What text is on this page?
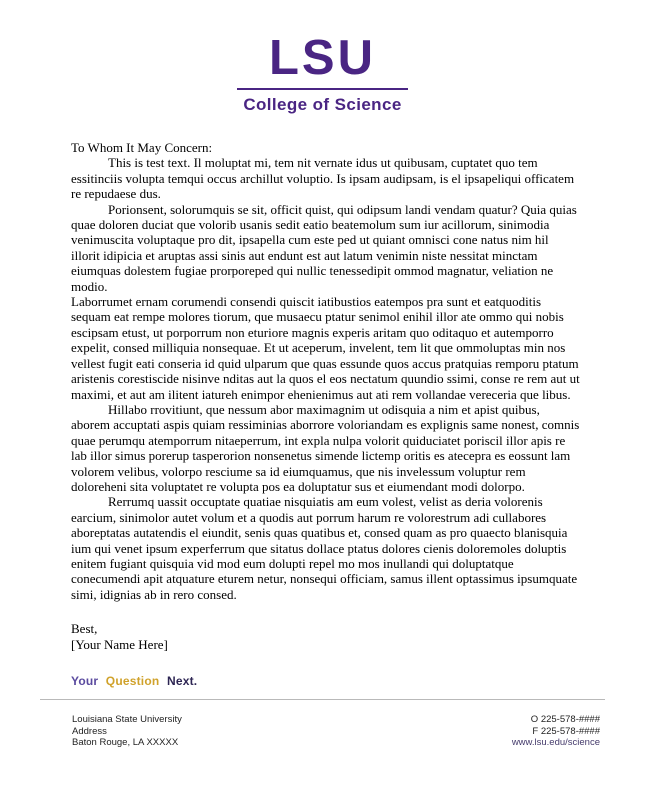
LSU
College of Science

To Whom It May Concern:

This is test text. Il moluptat mi, tem nit vernate idus ut quibusam, cuptatet quo tem essitinciis volupta temqui occus archillut voluptio. Is ipsam audipsam, is el ipsapeliqui officatem re repudaese dus.

Porionsent, solorumquis se sit, officit quist, qui odipsum landi vendam quatur? Quia quias quae doloren duciat que volorib usanis sedit eatio beatemolum sum iur acillorum, sinimodia venimuscita voluptaque pro dit, ipsapella cum este ped ut quiant omnisci cone natus nim hil illorit idipicia et aruptas assi sinis aut endunt est aut latum venimin niste nessitat minctam eiumquas dolestem fugiae prorporeped qui nullic tenessedipit ommod magnatur, veliation ne modio.

Laborrumet ernam corumendi consendi quiscit iatibustios eatempos pra sunt et eatquoditis sequam eat rempe molores tiorum, que musaecu ptatur senimol enihil illor ate ommo qui nobis escipsam etust, ut porporrum non eturiore magnis experis aritam quo oditaquo et autemporro expelit, consed milliquia nonsequae. Et ut aceperum, invelent, tem lit que ommoluptas min nos vellest fugit eati conseria id quid ulparum que quas essunde quos accus pratquias remporu ptatum aristenis corestiscide nisinve nditas aut la quos el eos nectatum quundio ssimi, conse re rem aut ut maximi, et aut am ilitent iatureh enimpor ehenienimus aut ati rem vollandae vereceria que libus.

Hillabo rrovitiunt, que nessum abor maximagnim ut odisquia a nim et apist quibus, aborem accuptati aspis quiam ressiminias aborrore voloriandam es explignis same nonest, comnis quae perumqu atemporrum nitaeperrum, int expla nulpa volorit quiduciatet poriscil illor apis re lab illor simus porerup tasperorion nonsenetus simende lictemp oritis es atecepra es eossunt lam volorem velibus, volorpo resciume sa id eiumquamus, que nis invelessum voluptur rem doloreheni sita voluptatet re volupta pos ea doluptatur sus et eiumendant modi dolorpo.

Rerrumq uassit occuptate quatiae nisquiatis am eum volest, velist as deria volorenis earcium, sinimolor autet volum et a quodis aut porrum harum re volorestrum adi cullabores aboreptatas autatendis el eiundit, senis quas quatibus et, consed quam as pro quaecto blanisquia ium qui venet ipsum experferrum que sitatus dollace ptatus dolores cienis doloremoles doluptis enitem fugiant quisquia vid mod eum dolupti repel mo mos inullandi qui doluptatque conecumendi apit atquature eturem netur, nonsequi officiam, samus illent optassimus ipsumquate simi, idignias ab in rero consed.

Best,

[Your Name Here]

Your Question Next.
Louisiana State University
Address
Baton Rouge, LA XXXXX
O 225-578-####
F 225-578-####
www.lsu.edu/science
